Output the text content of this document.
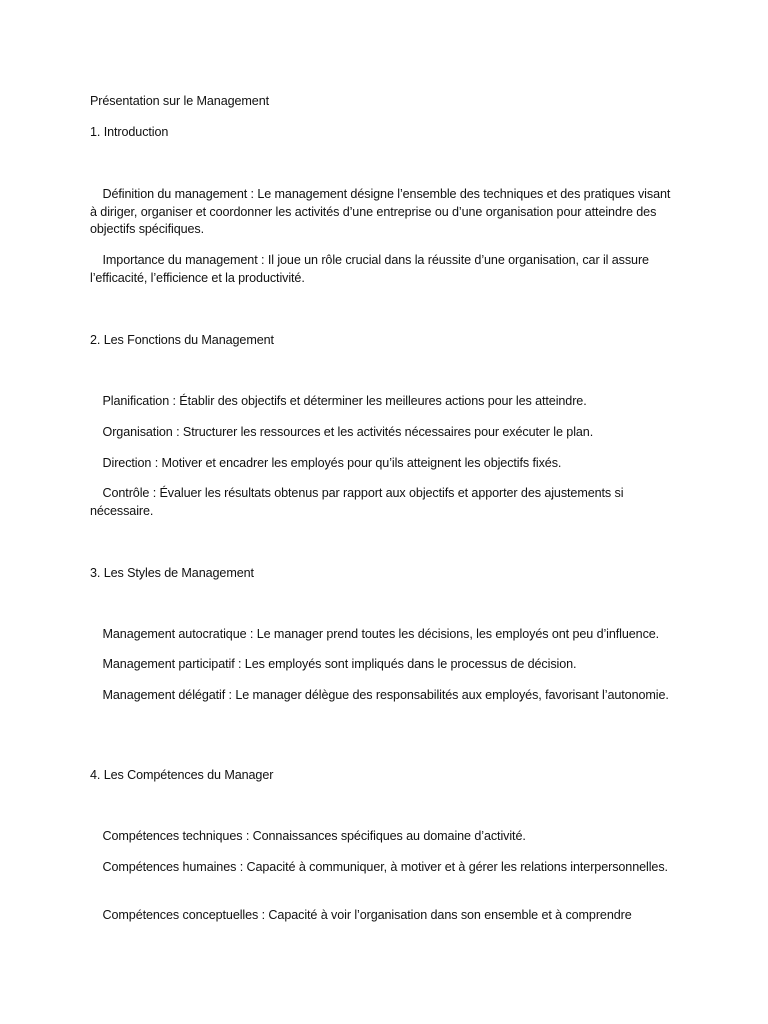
Présentation sur le Management

1. Introduction

Définition du management : Le management désigne l’ensemble des techniques et des pratiques visant à diriger, organiser et coordonner les activités d’une entreprise ou d’une organisation pour atteindre des objectifs spécifiques.

Importance du management : Il joue un rôle crucial dans la réussite d’une organisation, car il assure l’efficacité, l’efficience et la productivité.

2. Les Fonctions du Management

Planification : Établir des objectifs et déterminer les meilleures actions pour les atteindre.

Organisation : Structurer les ressources et les activités nécessaires pour exécuter le plan.

Direction : Motiver et encadrer les employés pour qu’ils atteignent les objectifs fixés.

Contrôle : Évaluer les résultats obtenus par rapport aux objectifs et apporter des ajustements si nécessaire.

3. Les Styles de Management

Management autocratique : Le manager prend toutes les décisions, les employés ont peu d’influence.

Management participatif : Les employés sont impliqués dans le processus de décision.

Management délégatif : Le manager délègue des responsabilités aux employés, favorisant l’autonomie.

4. Les Compétences du Manager

Compétences techniques : Connaissances spécifiques au domaine d’activité.

Compétences humaines : Capacité à communiquer, à motiver et à gérer les relations interpersonnelles.

Compétences conceptuelles : Capacité à voir l’organisation dans son ensemble et à comprendre
